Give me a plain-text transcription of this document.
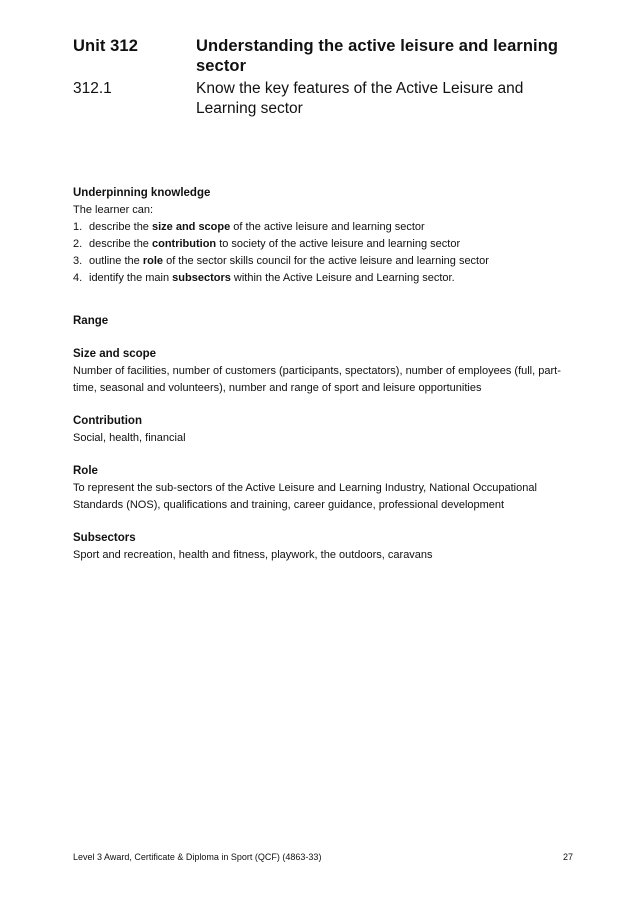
Unit 312	Understanding the active leisure and learning sector
312.1	Know the key features of the Active Leisure and Learning sector
Underpinning knowledge
The learner can:
1. describe the size and scope of the active leisure and learning sector
2. describe the contribution to society of the active leisure and learning sector
3. outline the role of the sector skills council for the active leisure and learning sector
4. identify the main subsectors within the Active Leisure and Learning sector.
Range
Size and scope
Number of facilities, number of customers (participants, spectators), number of employees (full, part-time, seasonal and volunteers), number and range of sport and leisure opportunities
Contribution
Social, health, financial
Role
To represent the sub-sectors of the Active Leisure and Learning Industry, National Occupational Standards (NOS), qualifications and training, career guidance, professional development
Subsectors
Sport and recreation, health and fitness, playwork, the outdoors, caravans
Level 3 Award, Certificate & Diploma in Sport (QCF) (4863-33)	27
